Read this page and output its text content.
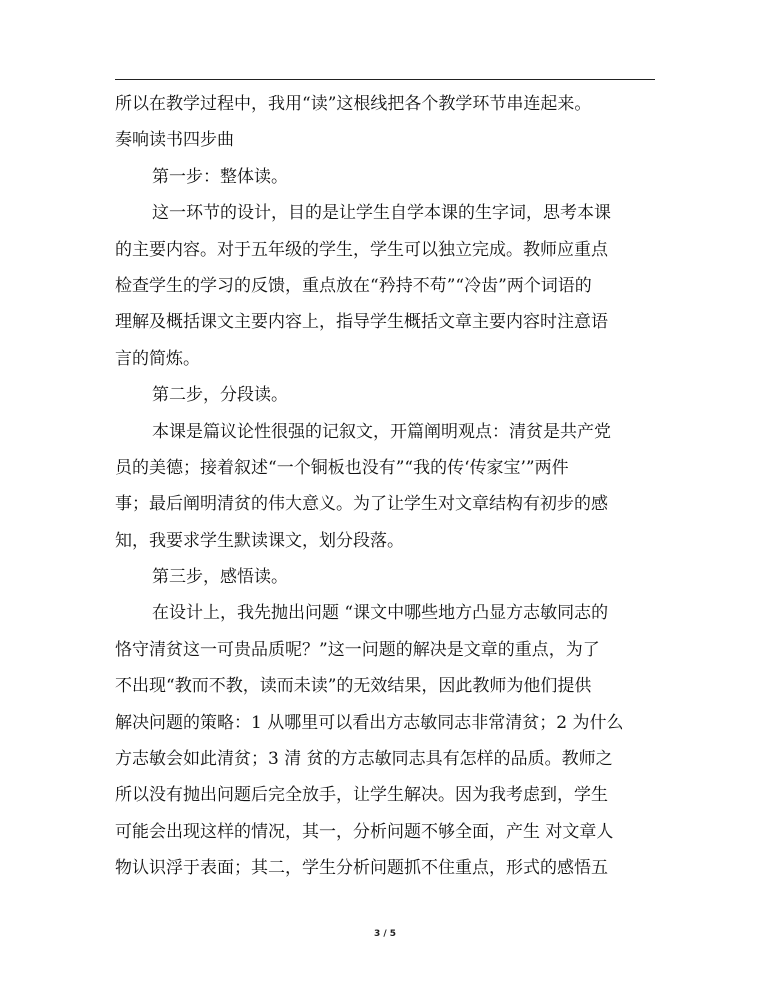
所以在教学过程中，我用“读”这根线把各个教学环节串连起来。
奏响读书四步曲
第一步：整体读。
这一环节的设计，目的是让学生自学本课的生字词，思考本课
的主要内容。对于五年级的学生，学生可以独立完成。教师应重点
检查学生的学习的反馈，重点放在“矜持不苟”“冷齿”两个词语的
理解及概括课文主要内容上，指导学生概括文章主要内容时注意语
言的简炼。
第二步，分段读。
本课是篇议论性很强的记叙文，开篇阐明观点：清贫是共产党
员的美德；接着叙述“一个铜板也没有”“我的传‘传家宝’”两件
事；最后阐明清贫的伟大意义。为了让学生对文章结构有初步的感
知，我要求学生默读课文，划分段落。
第三步，感悟读。
在设计上，我先抛出问题 “课文中哪些地方凸显方志敏同志的
恪守清贫这一可贵品质呢？”这一问题的解决是文章的重点，为了
不出现“教而不教，读而未读”的无效结果，因此教师为他们提供
解决问题的策略：1 从哪里可以看出方志敏同志非常清贫；2 为什么
方志敏会如此清贫；3 清 贫的方志敏同志具有怎样的品质。教师之
所以没有抛出问题后完全放手，让学生解决。因为我考虑到，学生
可能会出现这样的情况，其一，分析问题不够全面，产生 对文章人
物认识浮于表面；其二，学生分析问题抓不住重点，形式的感悟五
3 / 5
